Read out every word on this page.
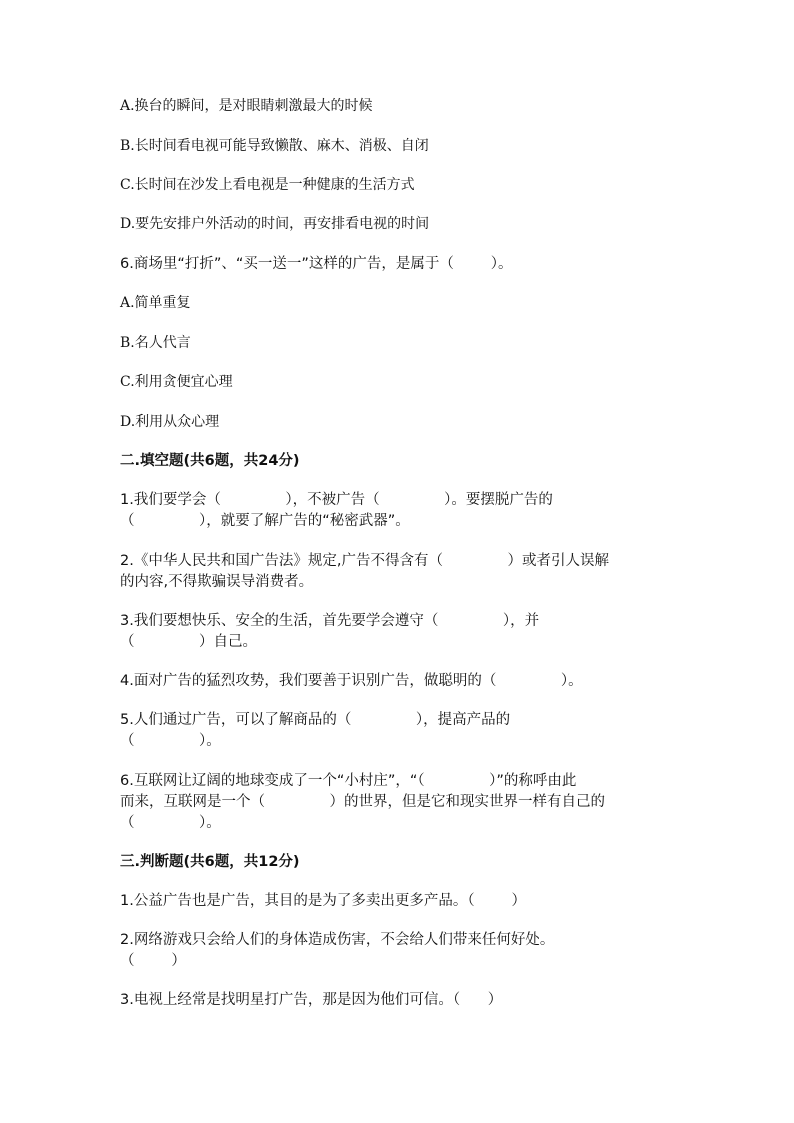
A.换台的瞬间，是对眼睛刺激最大的时候
B.长时间看电视可能导致懒散、麻木、消极、自闭
C.长时间在沙发上看电视是一种健康的生活方式
D.要先安排户外活动的时间，再安排看电视的时间
6.商场里“打折”、“买一送一”这样的广告，是属于（        ）。
A.简单重复
B.名人代言
C.利用贪便宜心理
D.利用从众心理
二.填空题(共6题，共24分)
1.我们要学会（              ），不被广告（              ）。要摆脱广告的
（              ），就要了解广告的“秘密武器”。
2.《中华人民共和国广告法》规定,广告不得含有（              ）或者引人误解
的内容,不得欺骗误导消费者。
3.我们要想快乐、安全的生活，首先要学会遵守（              ），并
（              ）自己。
4.面对广告的猛烈攻势，我们要善于识别广告，做聪明的（              ）。
5.人们通过广告，可以了解商品的（              ），提高产品的
（              ）。
6.互联网让辽阔的地球变成了一个“小村庄”，“（              ）”的称呼由此
而来，互联网是一个（              ）的世界，但是它和现实世界一样有自己的
（              ）。
三.判断题(共6题，共12分)
1.公益广告也是广告，其目的是为了多卖出更多产品。（        ）
2.网络游戏只会给人们的身体造成伤害，不会给人们带来任何好处。
（        ）
3.电视上经常是找明星打广告，那是因为他们可信。（      ）
